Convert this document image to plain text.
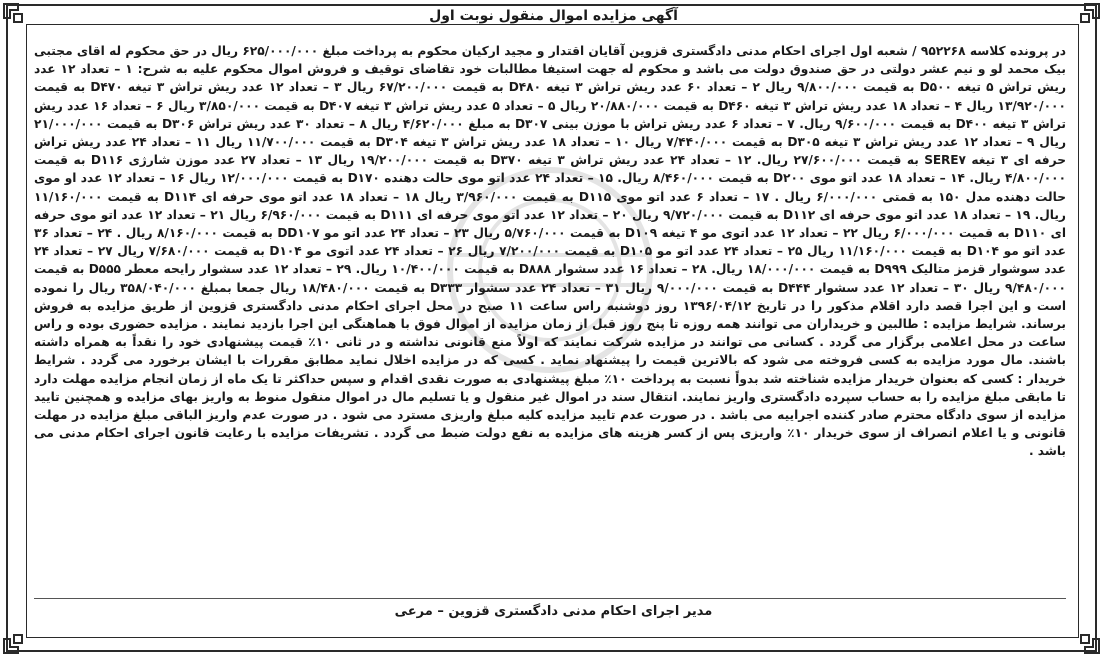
آگهی مزایده اموال منقول نوبت اول
در پرونده کلاسه ۹۵۲۲۶۸ / شعبه اول اجرای احکام مدنی دادگستری قزوین آقایان اقتدار و مجید ارکیان محکوم به پرداخت مبلغ ۶۲۵/۰۰۰/۰۰۰ ریال در حق محکوم له اقای مجتبی بیک محمد لو و نیم عشر دولتی در حق صندوق دولت می باشد و محکوم له جهت استیفا مطالبات خود تقاضای توقیف و فروش اموال محکوم علیه به شرح: ۱ – تعداد ۱۲ عدد ریش تراش ۵ تیغه D۵۰۰ به قیمت ۹/۸۰۰/۰۰۰ ریال ۲ – تعداد ۶۰ عدد ریش تراش ۳ تیغه D۴۸۰ به قیمت ۶۷/۲۰۰/۰۰۰ ریال ۳ – تعداد ۱۲ عدد ریش تراش ۳ تیغه D۴۷۰ به قیمت ۱۳/۹۲۰/۰۰۰ ریال ۴ – تعداد ۱۸ عدد ریش تراش ۳ تیغه D۴۶۰ به قیمت ۲۰/۸۸۰/۰۰۰ ریال ۵ – تعداد ۵ عدد ریش تراش ۳ تیغه D۴۰۷ به قیمت ۳/۸۵۰/۰۰۰ ریال ۶ – تعداد ۱۶ عدد ریش تراش ۳ تیغه D۴۰۰ به قیمت ۹/۶۰۰/۰۰۰ ریال. ۷ – تعداد ۶ عدد ریش تراش با موزن بینی D۳۰۷ به مبلغ ۴/۶۲۰/۰۰۰ ریال ۸ – تعداد ۳۰ عدد ریش تراش D۳۰۶ به قیمت ۲۱/۰۰۰/۰۰۰ ریال ۹ – تعداد ۱۲ عدد ریش تراش ۳ تیغه D۳۰۵ به قیمت ۷/۴۴۰/۰۰۰ ریال ۱۰ – تعداد ۱۸ عدد ریش تراش ۳ تیغه D۳۰۴ به قیمت ۱۱/۷۰۰/۰۰۰ ریال ۱۱ – تعداد ۲۴ عدد ریش تراش حرفه ای ۳ تیغه SERE۷ به قیمت ۲۷/۶۰۰/۰۰۰ ریال. ۱۲ – تعداد ۲۴ عدد ریش تراش ۳ تیغه D۳۷۰ به قیمت ۱۹/۲۰۰/۰۰۰ ریال ۱۳ – تعداد ۲۷ عدد موزن شارژی D۱۱۶ به قیمت ۴/۸۰۰/۰۰۰ ریال. ۱۴ – تعداد ۱۸ عدد اتو موی D۲۰۰ به قیمت ۸/۴۶۰/۰۰۰ ریال. ۱۵ – تعداد ۲۴ عدد اتو موی حالت دهنده D۱۷۰ به قیمت ۱۲/۰۰۰/۰۰۰ ریال ۱۶ – تعداد ۱۲ عدد او موی حالت دهنده مدل ۱۵۰ به قمتی ۶/۰۰۰/۰۰۰ ریال . ۱۷ – تعداد ۶ عدد اتو موی D۱۱۵ به قیمت ۳/۹۶۰/۰۰۰ ریال ۱۸ – تعداد ۱۸ عدد اتو موی حرفه ای D۱۱۴ به قیمت ۱۱/۱۶۰/۰۰۰ ریال. ۱۹ – تعداد ۱۸ عدد اتو موی حرفه ای D۱۱۲ به قیمت ۹/۷۲۰/۰۰۰ ریال ۲۰ – تعداد ۱۲ عدد اتو موی حرفه ای D۱۱۱ به قیمت ۶/۹۶۰/۰۰۰ ریال ۲۱ – تعداد ۱۲ عدد اتو موی حرفه ای D۱۱۰ به قمیت ۶/۰۰۰/۰۰۰ ریال ۲۲ – تعداد ۱۲ عدد اتوی مو ۴ تیغه D۱۰۹ به قیمت ۵/۷۶۰/۰۰۰ ریال ۲۳ – تعداد ۲۴ عدد اتو مو DD۱۰۷ به قیمت ۸/۱۶۰/۰۰۰ ریال . ۲۴ – تعداد ۳۶ عدد اتو مو D۱۰۴ به قیمت ۱۱/۱۶۰/۰۰۰ ریال ۲۵ – تعداد ۲۴ عدد اتو مو D۱۰۵ به قیمت ۷/۲۰۰/۰۰۰ ریال ۲۶ – تعداد ۲۴ عدد اتوی مو D۱۰۴ به قیمت ۷/۶۸۰/۰۰۰ ریال ۲۷ – تعداد ۲۴ عدد سوشوار قزمز متالیک D۹۹۹ به قیمت ۱۸/۰۰۰/۰۰۰ ریال. ۲۸ – تعداد ۱۶ عدد سشوار D۸۸۸ به قیمت ۱۰/۴۰۰/۰۰۰ ریال. ۲۹ – تعداد ۱۲ عدد سشوار رایحه معطر D۵۵۵ به قیمت ۹/۴۸۰/۰۰۰ ریال ۳۰ – تعداد ۱۲ عدد سشوار D۴۴۴ به قیمت ۹/۰۰۰/۰۰۰ ریال ۳۱ – تعداد ۲۴ عدد سشوار D۳۳۳ به قیمت ۱۸/۴۸۰/۰۰۰ ریال جمعا بمبلغ ۳۵۸/۰۴۰/۰۰۰ ریال را نموده است و این اجرا قصد دارد اقلام مذکور را در تاریخ ۱۳۹۶/۰۴/۱۲ روز دوشنبه راس ساعت ۱۱ صبح در محل اجرای احکام مدنی دادگستری قزوین از طریق مزایده به فروش برساند. شرایط مزایده : طالبین و خریداران می توانند همه روزه تا پنج روز قبل از زمان مزایده از اموال فوق با هماهنگی این اجرا بازدید نمایند . مزایده حضوری بوده و راس ساعت در محل اعلامی برگزار می گردد . کسانی می توانند در مزایده شرکت نمایند که اولاً منع قانونی نداشته و در ثانی ۱۰٪ قیمت پیشنهادی خود را نقداً به همراه داشته باشند. مال مورد مزایده به کسی فروخته می شود که بالاترین قیمت را پیشنهاد نماید . کسی که در مزایده اخلال نماید مطابق مقررات با ایشان برخورد می گردد . شرایط خریدار : کسی که بعنوان خریدار مزایده شناخته شد بدواً نسبت به پرداخت ۱۰٪ مبلغ پیشنهادی به صورت نقدی اقدام و سپس حداکثر تا یک ماه از زمان انجام مزایده مهلت دارد تا مابقی مبلغ مزایده را به حساب سپرده دادگستری واریز نمایند. انتقال سند در اموال غیر منقول و یا تسلیم مال در اموال منقول منوط به واریز بهای مزایده و همچنین تایید مزایده از سوی دادگاه محترم صادر کننده اجراییه می باشد . در صورت عدم تایید مزایده کلیه مبلغ واریزی مسترد می شود . در صورت عدم واریز الباقی مبلغ مزایده در مهلت قانونی و یا اعلام انصراف از سوی خریدار ۱۰٪ واریزی پس از کسر هزینه های مزایده به نفع دولت ضبط می گردد . تشریفات مزایده با رعایت قانون اجرای احکام مدنی می باشد .
مدیر اجرای احکام مدنی دادگستری قزوین – مرعی
